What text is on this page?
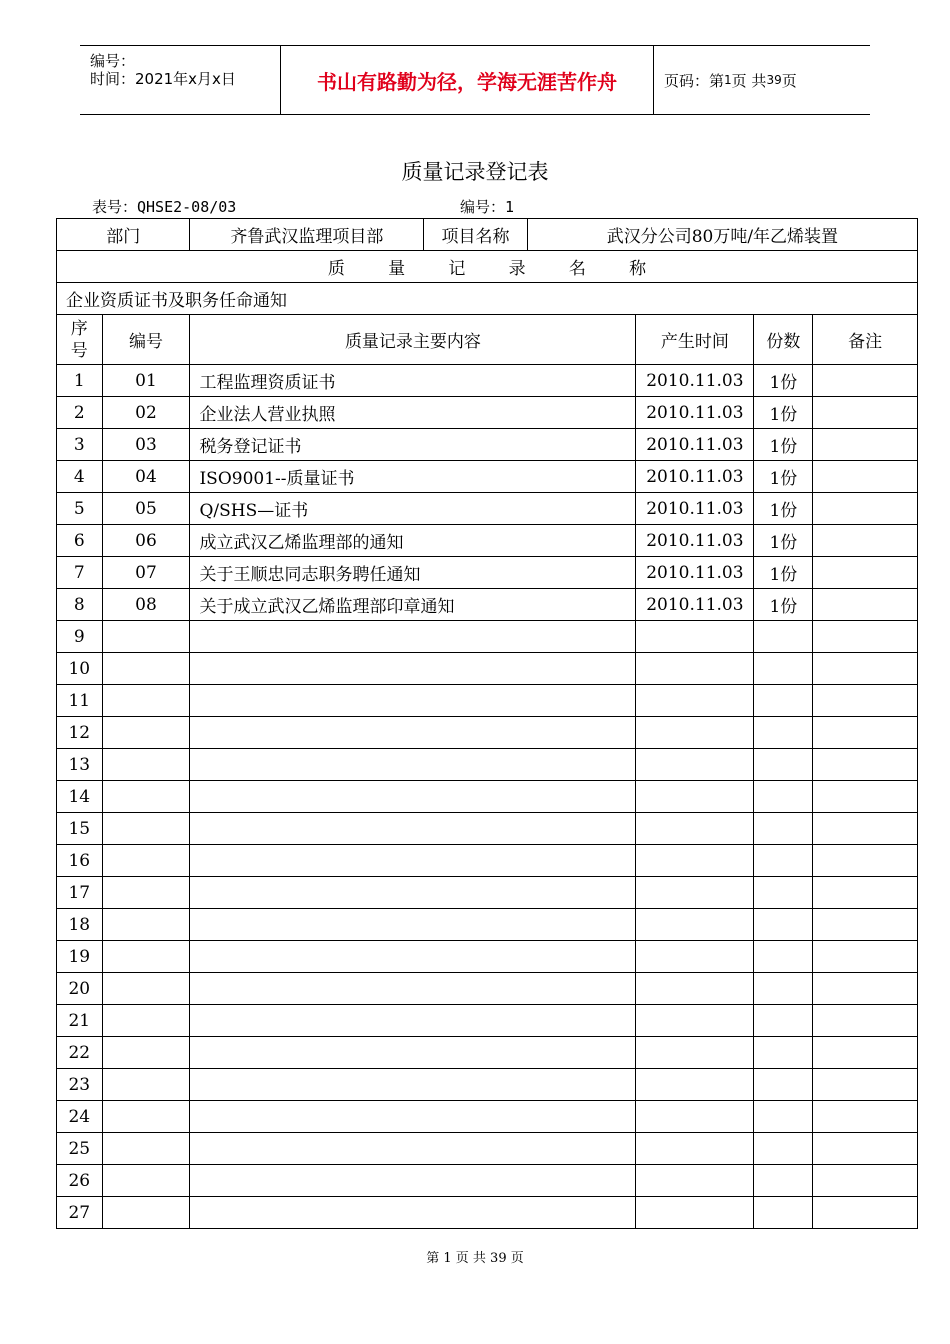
编号：
时间：2021年x月x日	书山有路勤为径，学海无涯苦作舟	页码：第 1 页 共 39 页
质量记录登记表
表号：QHSE2-08/03	编号：1
部门		齐鲁武汉监理项目部	项目名称	武汉分公司80万吨/年乙烯装置			
质        量        记        录        名        称							
企业资质证书及职务任命通知							

序
号	编号	质量记录主要内容			产生时间	份数	备注
1	01	工程监理资质证书			2010.11.03	1份	
2	02	企业法人营业执照			2010.11.03	1份	
3	03	税务登记证书			2010.11.03	1份	
4	04	ISO9001--质量证书			2010.11.03	1份	
5	05	Q/SHS—证书			2010.11.03	1份	
6	06	成立武汉乙烯监理部的通知			2010.11.03	1份	
7	07	关于王顺忠同志职务聘任通知			2010.11.03	1份	
8	08	关于成立武汉乙烯监理部印章通知			2010.11.03	1份	
9							
10							
11							
12							
13							
14							
15							
16							
17							
18							
19							
20							
21							
22							
23							
24							
25							
26							
27							
第 1 页 共 39 页
